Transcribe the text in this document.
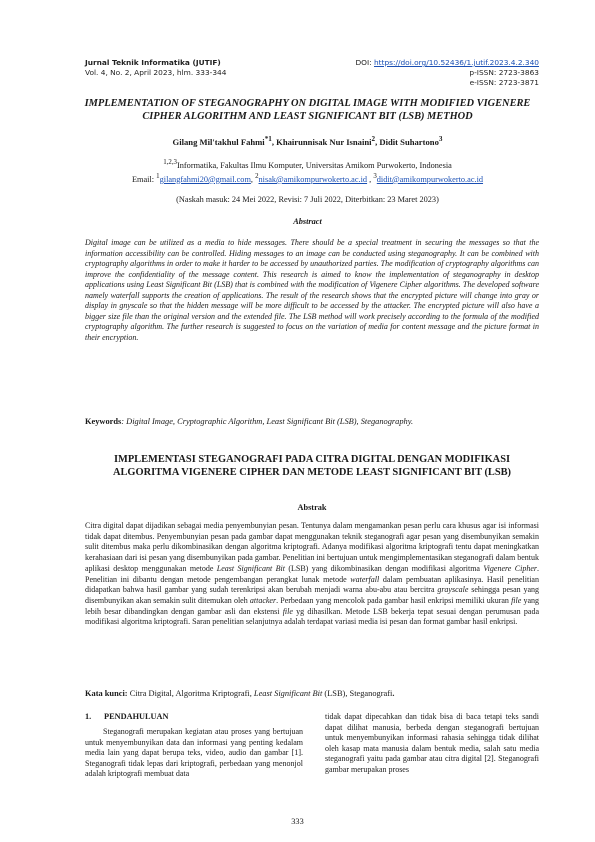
Jurnal Teknik Informatika (JUTIF)
Vol. 4, No. 2, April 2023, hlm. 333-344
DOI: https://doi.org/10.52436/1.jutif.2023.4.2.340
p-ISSN: 2723-3863
e-ISSN: 2723-3871
IMPLEMENTATION OF STEGANOGRAPHY ON DIGITAL IMAGE WITH MODIFIED VIGENERE CIPHER ALGORITHM AND LEAST SIGNIFICANT BIT (LSB) METHOD
Gilang Mil'takhul Fahmi$^{*1}$, Khairunnisak Nur Isnaini$^2$, Didit Suhartono$^3$
$^{1,2,3}$Informatika, Fakultas Ilmu Komputer, Universitas Amikom Purwokerto, Indonesia
Email: $^1$gilangfahmi20@gmail.com, $^2$nisak@amikompurwokerto.ac.id , $^3$didit@amikompurwokerto.ac.id
(Naskah masuk: 24 Mei 2022, Revisi: 7 Juli 2022, Diterbitkan: 23 Maret 2023)
Abstract
Digital image can be utilized as a media to hide messages. There should be a special treatment in securing the messages so that the information accessibility can be controlled. Hiding messages to an image can be conducted using steganography. It can be combined with cryptography algorithms in order to make it harder to be accessed by unauthorized parties. The modification of cryptography algorithms can improve the confidentiality of the message content. This research is aimed to know the implementation of steganography in desktop applications using Least Significant Bit (LSB) that is combined with the modification of Vigenere Cipher algorithms. The developed software namely waterfall supports the creation of applications. The result of the research shows that the encrypted picture will change into gray or display in gnyscale so that the hidden message will be more difficult to be accessed by the attacker. The encrypted picture will also have a bigger size file than the original version and the extended file. The LSB method will work precisely according to the formula of the modified cryptography algorithm. The further research is suggested to focus on the variation of media for content message and the picture format in their encryption.
Keywords: Digital Image, Cryptographic Algorithm, Least Significant Bit (LSB), Steganography.
IMPLEMENTASI STEGANOGRAFI PADA CITRA DIGITAL DENGAN MODIFIKASI ALGORITMA VIGENERE CIPHER DAN METODE LEAST SIGNIFICANT BIT (LSB)
Abstrak
Citra digital dapat dijadikan sebagai media penyembunyian pesan. Tentunya dalam mengamankan pesan perlu cara khusus agar isi informasi tidak dapat ditembus. Penyembunyian pesan pada gambar dapat menggunakan teknik steganografi agar pesan yang disembunyikan semakin sulit ditembus maka perlu dikombinasikan dengan algoritma kriptografi. Adanya modifikasi algoritma kriptografi tentu dapat meningkatkan kerahasiaan dari isi pesan yang disembunyikan pada gambar. Penelitian ini bertujuan untuk mengimplementasikan steganografi dalam bentuk aplikasi desktop menggunakan metode Least Significant Bit (LSB) yang dikombinasikan dengan modifikasi algoritma Vigenere Cipher. Penelitian ini dibantu dengan metode pengembangan perangkat lunak metode waterfall dalam pembuatan aplikasinya. Hasil penelitian didapatkan bahwa hasil gambar yang sudah terenkripsi akan berubah menjadi warna abu-abu atau bercitra grayscale sehingga pesan yang disembunyikan akan semakin sulit ditemukan oleh attacker. Perbedaan yang mencolok pada gambar hasil enkripsi memiliki ukuran file yang lebih besar dibandingkan dengan gambar asli dan ekstensi file yg dihasilkan. Metode LSB bekerja tepat sesuai dengan perumusan pada modifikasi algoritma kriptografi. Saran penelitian selanjutnya adalah terdapat variasi media isi pesan dan format gambar hasil enkripsi.
Kata kunci: Citra Digital, Algoritma Kriptografi, Least Significant Bit (LSB), Steganografi.
1. PENDAHULUAN
Steganografi merupakan kegiatan atau proses yang bertujuan untuk menyembunyikan data dan informasi yang penting kedalam media lain yang dapat berupa teks, video, audio dan gambar [1]. Steganografi tidak lepas dari kriptografi, perbedaan yang menonjol adalah kriptografi membuat data
tidak dapat dipecahkan dan tidak bisa di baca tetapi teks sandi dapat dilihat manusia, berbeda dengan steganografi bertujuan untuk menyembunyikan informasi rahasia sehingga tidak dilihat oleh kasap mata manusia dalam bentuk media, salah satu media steganografi yaitu pada gambar atau citra digital [2]. Steganografi gambar merupakan proses
333
